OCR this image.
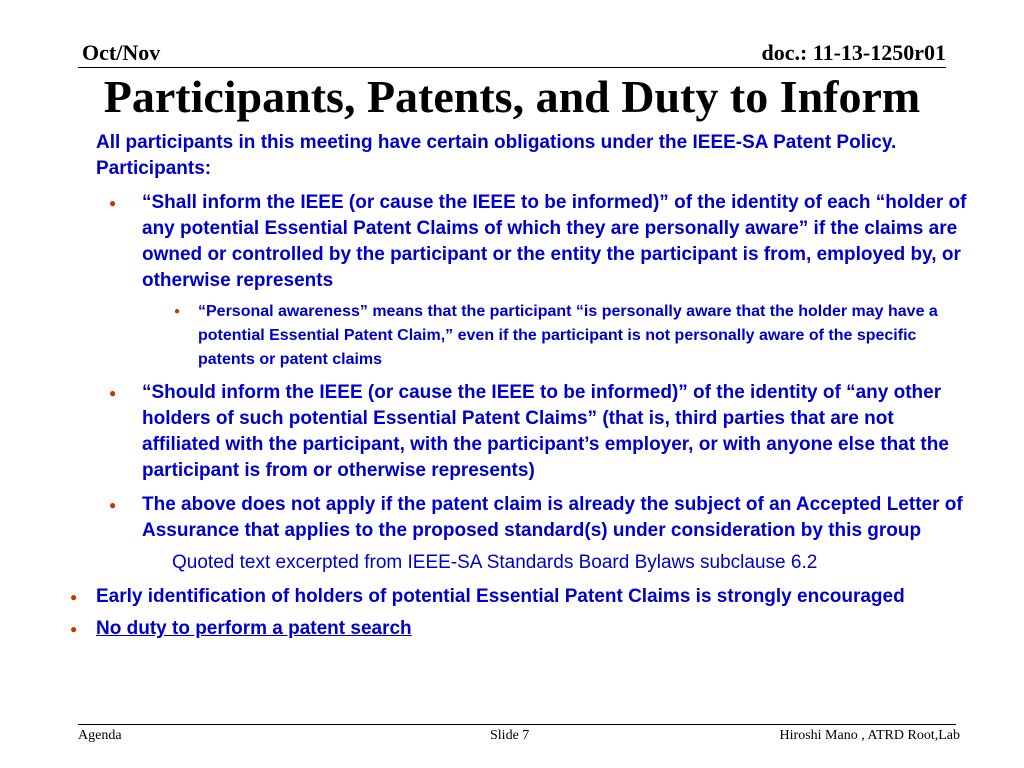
Oct/Nov	doc.: 11-13-1250r01
Participants, Patents, and Duty to Inform
All participants in this meeting have certain obligations under the IEEE-SA Patent Policy. Participants:
● “Shall inform the IEEE (or cause the IEEE to be informed)” of the identity of each “holder of any potential Essential Patent Claims of which they are personally aware” if the claims are owned or controlled by the participant or the entity the participant is from, employed by, or otherwise represents
● “Personal awareness” means that the participant “is personally aware that the holder may have a potential Essential Patent Claim,” even if the participant is not personally aware of the specific patents or patent claims
● “Should inform the IEEE (or cause the IEEE to be informed)” of the identity of “any other holders of such potential Essential Patent Claims” (that is, third parties that are not affiliated with the participant, with the participant’s employer, or with anyone else that the participant is from or otherwise represents)
● The above does not apply if the patent claim is already the subject of an Accepted Letter of Assurance that applies to the proposed standard(s) under consideration by this group
Quoted text excerpted from IEEE-SA Standards Board Bylaws subclause 6.2
● Early identification of holders of potential Essential Patent Claims is strongly encouraged
● No duty to perform a patent search
Agenda	Slide 7	Hiroshi Mano , ATRD Root,Lab
